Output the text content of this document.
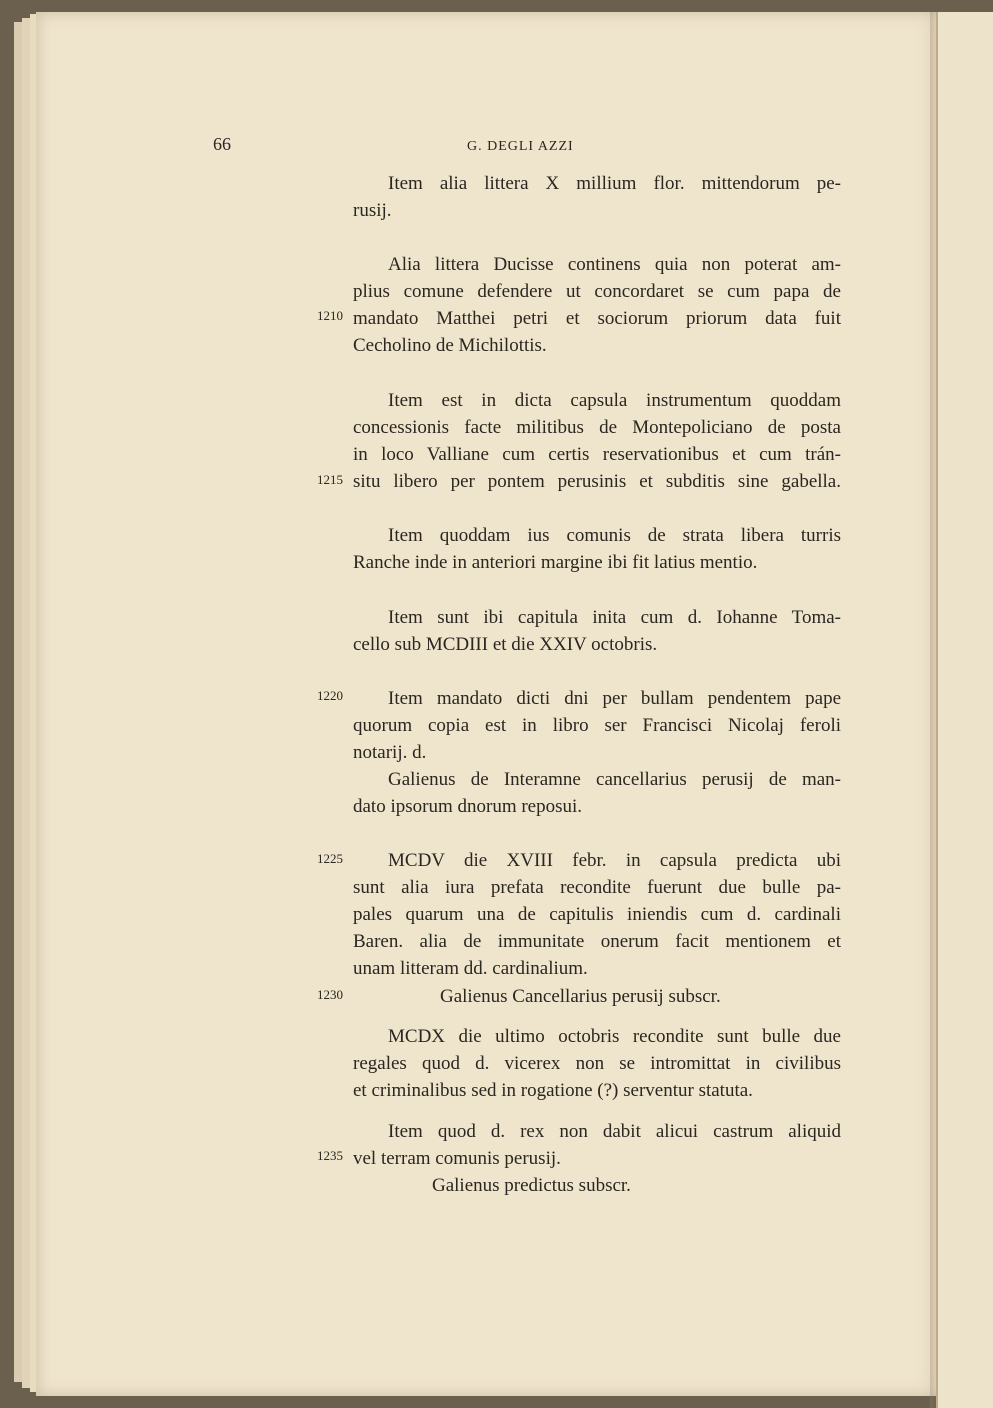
66	G. DEGLI AZZI
1210
1215
1220
1225
1230
1235
Item alia littera X millium flor. mittendorum pe-
rusij.
Alia littera Ducisse continens quia non poterat am-
plius comune defendere ut concordaret se cum papa de
mandato Matthei petri et sociorum priorum data fuit
Cecholino de Michilottis.
Item est in dicta capsula instrumentum quoddam
concessionis facte militibus de Montepoliciano de posta
in loco Valliane cum certis reservationibus et cum trán-
situ libero per pontem perusinis et subditis sine gabella.
Item quoddam ius comunis de strata libera turris
Ranche inde in anteriori margine ibi fit latius mentio.
Item sunt ibi capitula inita cum d. Iohanne Toma-
cello sub MCDIII et die XXIV octobris.
Item mandato dicti dni per bullam pendentem pape
quorum copia est in libro ser Francisci Nicolaj feroli
notarij. d.
Galienus de Interamne cancellarius perusij de man-
dato ipsorum dnorum reposui.
MCDV die XVIII febr. in capsula predicta ubi
sunt alia iura prefata recondite fuerunt due bulle pa-
pales quarum una de capitulis iniendis cum d. cardinali
Baren. alia de immunitate onerum facit mentionem et
unam litteram dd. cardinalium.
Galienus Cancellarius perusij subscr.
MCDX die ultimo octobris recondite sunt bulle due
regales quod d. vicerex non se intromittat in civilibus
et criminalibus sed in rogatione (?) serventur statuta.
Item quod d. rex non dabit alicui castrum aliquid
vel terram comunis perusij.
Galienus predictus subscr.
